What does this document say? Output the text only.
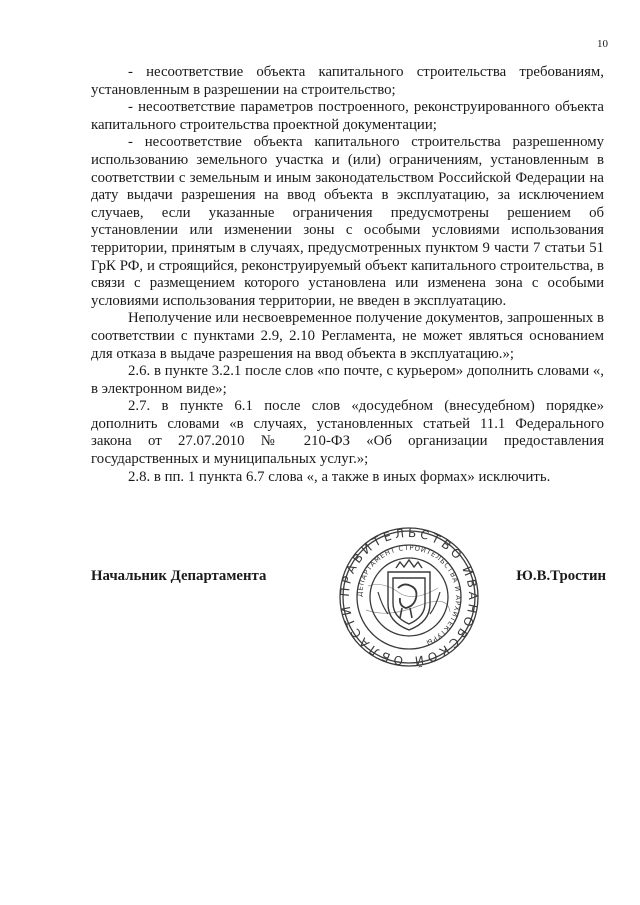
10

- несоответствие объекта капитального строительства требованиям, установленным в разрешении на строительство;

- несоответствие параметров построенного, реконструированного объекта капитального строительства проектной документации;

- несоответствие объекта капитального строительства разрешенному использованию земельного участка и (или) ограничениям, установленным в соответствии с земельным и иным законодательством Российской Федерации на дату выдачи разрешения на ввод объекта в эксплуатацию, за исключением случаев, если указанные ограничения предусмотрены решением об установлении или изменении зоны с особыми условиями использования территории, принятым в случаях, предусмотренных пунктом 9 части 7 статьи 51 ГрК РФ, и строящийся, реконструируемый объект капитального строительства, в связи с размещением которого установлена или изменена зона с особыми условиями использования территории, не введен в эксплуатацию.

Неполучение или несвоевременное получение документов, запрошенных в соответствии с пунктами 2.9, 2.10 Регламента, не может являться основанием для отказа в выдаче разрешения на ввод объекта в эксплуатацию.»;

2.6. в пункте 3.2.1 после слов «по почте, с курьером» дополнить словами «, в электронном виде»;

2.7. в пункте 6.1 после слов «досудебном (внесудебном) порядке» дополнить словами «в случаях, установленных статьей 11.1 Федерального закона от 27.07.2010 № 210-ФЗ «Об организации предоставления государственных и муниципальных услуг.»;

2.8. в пп. 1 пункта 6.7 слова «, а также в иных формах» исключить.

Начальник Департамента	Ю.В.Тростин
ПРАВИТЕЛЬСТВО ИВАНОВСКОЙ ОБЛАСТИ
ДЕПАРТАМЕНТ СТРОИТЕЛЬСТВА И АРХИТЕКТУРЫ
